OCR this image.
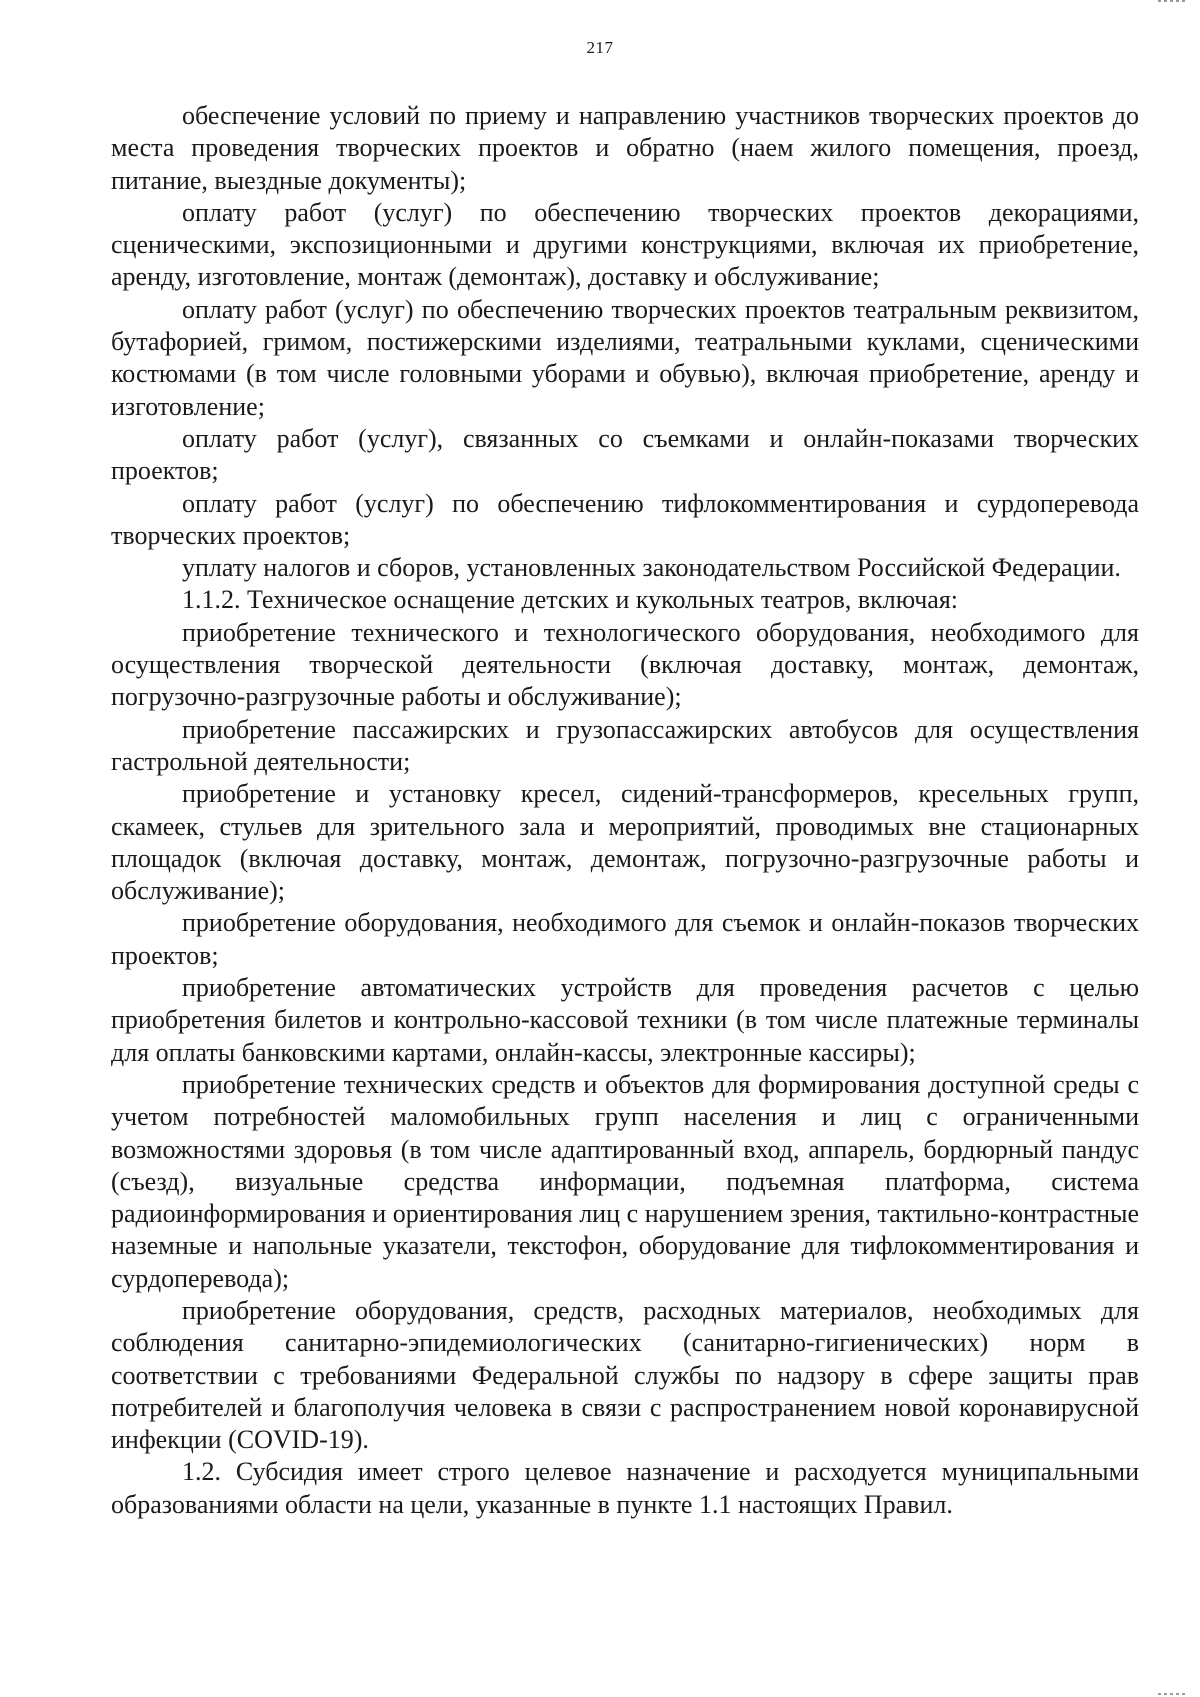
217

обеспечение условий по приему и направлению участников творческих проектов до места проведения творческих проектов и обратно (наем жилого помещения, проезд, питание, выездные документы);

оплату работ (услуг) по обеспечению творческих проектов декорациями, сценическими, экспозиционными и другими конструкциями, включая их приобретение, аренду, изготовление, монтаж (демонтаж), доставку и обслуживание;

оплату работ (услуг) по обеспечению творческих проектов театральным реквизитом, бутафорией, гримом, постижерскими изделиями, театральными куклами, сценическими костюмами (в том числе головными уборами и обувью), включая приобретение, аренду и изготовление;

оплату работ (услуг), связанных со съемками и онлайн-показами творческих проектов;

оплату работ (услуг) по обеспечению тифлокомментирования и сурдоперевода творческих проектов;

уплату налогов и сборов, установленных законодательством Российской Федерации.

1.1.2. Техническое оснащение детских и кукольных театров, включая:

приобретение технического и технологического оборудования, необходимого для осуществления творческой деятельности (включая доставку, монтаж, демонтаж, погрузочно-разгрузочные работы и обслуживание);

приобретение пассажирских и грузопассажирских автобусов для осуществления гастрольной деятельности;

приобретение и установку кресел, сидений-трансформеров, кресельных групп, скамеек, стульев для зрительного зала и мероприятий, проводимых вне стационарных площадок (включая доставку, монтаж, демонтаж, погрузочно-разгрузочные работы и обслуживание);

приобретение оборудования, необходимого для съемок и онлайн-показов творческих проектов;

приобретение автоматических устройств для проведения расчетов с целью приобретения билетов и контрольно-кассовой техники (в том числе платежные терминалы для оплаты банковскими картами, онлайн-кассы, электронные кассиры);

приобретение технических средств и объектов для формирования доступной среды с учетом потребностей маломобильных групп населения и лиц с ограниченными возможностями здоровья (в том числе адаптированный вход, аппарель, бордюрный пандус (съезд), визуальные средства информации, подъемная платформа, система радиоинформирования и ориентирования лиц с нарушением зрения, тактильно-контрастные наземные и напольные указатели, текстофон, оборудование для тифлокомментирования и сурдоперевода);

приобретение оборудования, средств, расходных материалов, необходимых для соблюдения санитарно-эпидемиологических (санитарно-гигиенических) норм в соответствии с требованиями Федеральной службы по надзору в сфере защиты прав потребителей и благополучия человека в связи с распространением новой коронавирусной инфекции (COVID-19).

1.2. Субсидия имеет строго целевое назначение и расходуется муниципальными образованиями области на цели, указанные в пункте 1.1 настоящих Правил.
